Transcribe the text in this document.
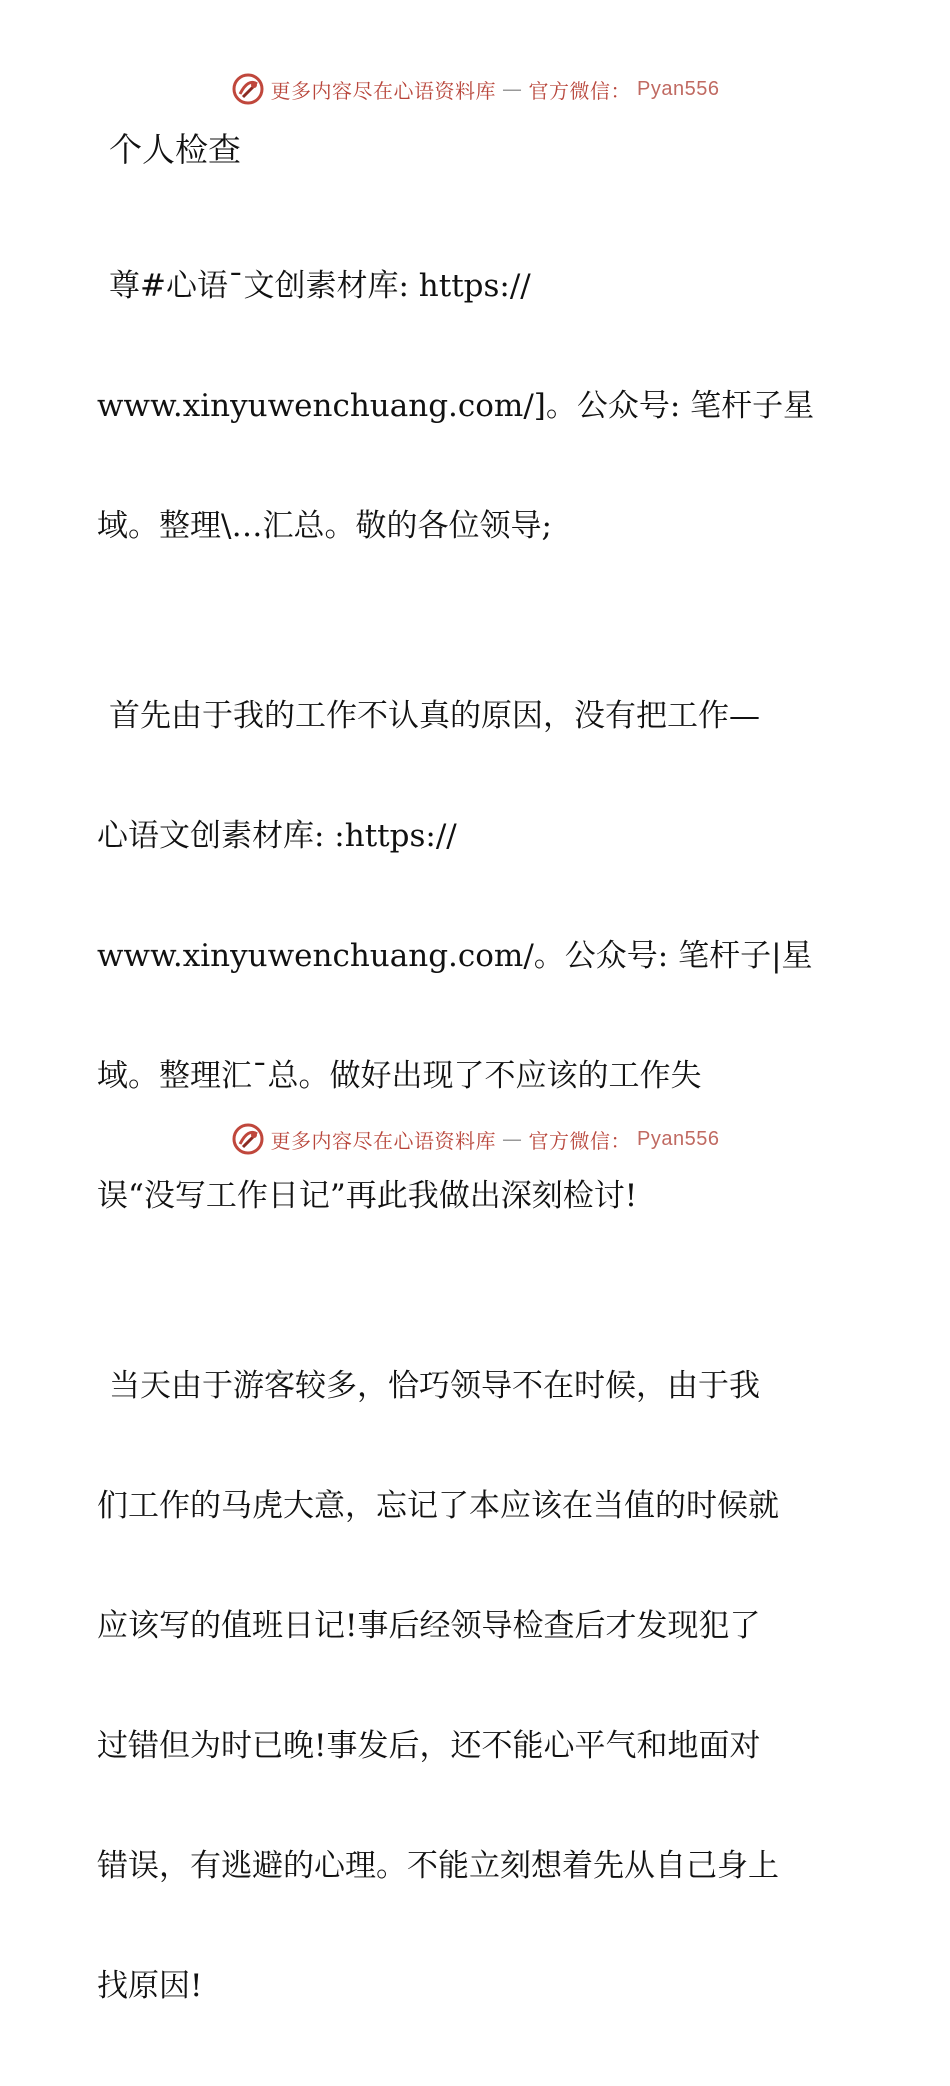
更多内容尽在心语资料库 — 官方微信： Pyan556
个人检查

尊#心语¯文创素材库: https://

www.xinyuwenchuang.com/]。公众号: 笔杆子星

域。整理\…汇总。敬的各位领导;

首先由于我的工作不认真的原因，没有把工作—

心语文创素材库: :https://

www.xinyuwenchuang.com/。公众号: 笔杆子|星

域。整理汇¯总。做好出现了不应该的工作失

误“没写工作日记”再此我做出深刻检讨!

当天由于游客较多，恰巧领导不在时候，由于我

们工作的马虎大意，忘记了本应该在当值的时候就

应该写的值班日记!事后经领导检查后才发现犯了

过错但为时已晚!事发后，还不能心平气和地面对

错误，有逃避的心理。不能立刻想着先从自己身上

找原因!

更多内容尽在心语资料库 — 官方微信： Pyan556
